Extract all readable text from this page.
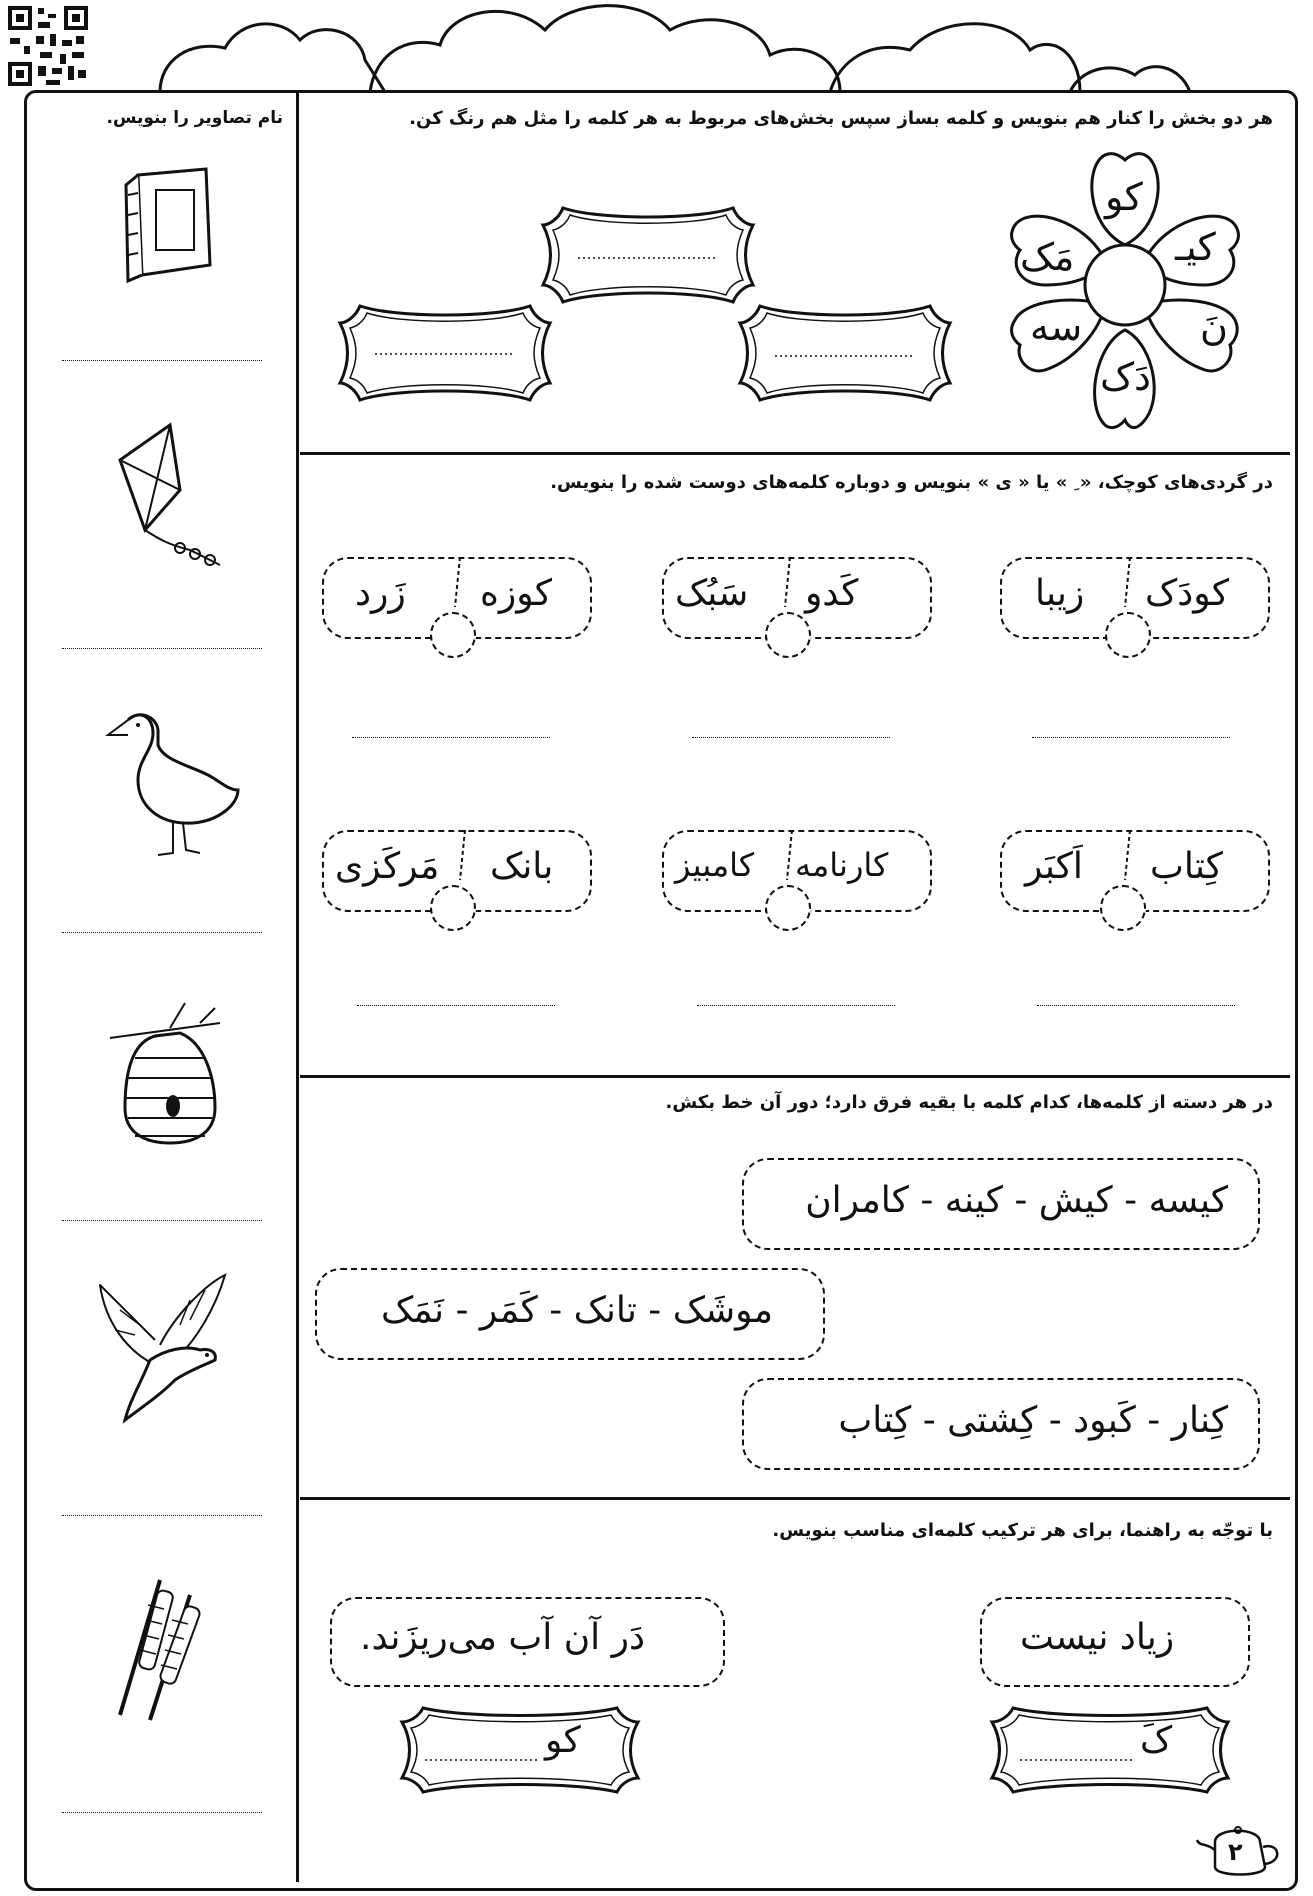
نام تصاویر را بنویس.	هر دو بخش را کنار هم بنویس و کلمه بساز سپس بخش‌های مربوط به هر کلمه را مثل هم رنگ کن.
کو
کیـ
مَک
نَ
دَک
سه
در گردی‌های کوچک، « ِ » یا « ی » بنویس و دوباره کلمه‌های دوست شده را بنویس.
کودَک
زیبا
کَدو
سَبُک
کوزه
زَرد
کِتاب
اَکبَر
کارنامه
کامبیز
بانک
مَرکَزی
در هر دسته از کلمه‌ها، کدام کلمه با بقیه فرق دارد؛ دور آن خط بکش.
کیسه - کیش - کینه - کامران
موشَک - تانک - کَمَر - نَمَک
کِنار - کَبود - کِشتی - کِتاب
با توجّه به راهنما، برای هر ترکیب کلمه‌ای مناسب بنویس.
زیاد نیست
دَر آن آب می‌ریزَند.
کَ
کو
۲
